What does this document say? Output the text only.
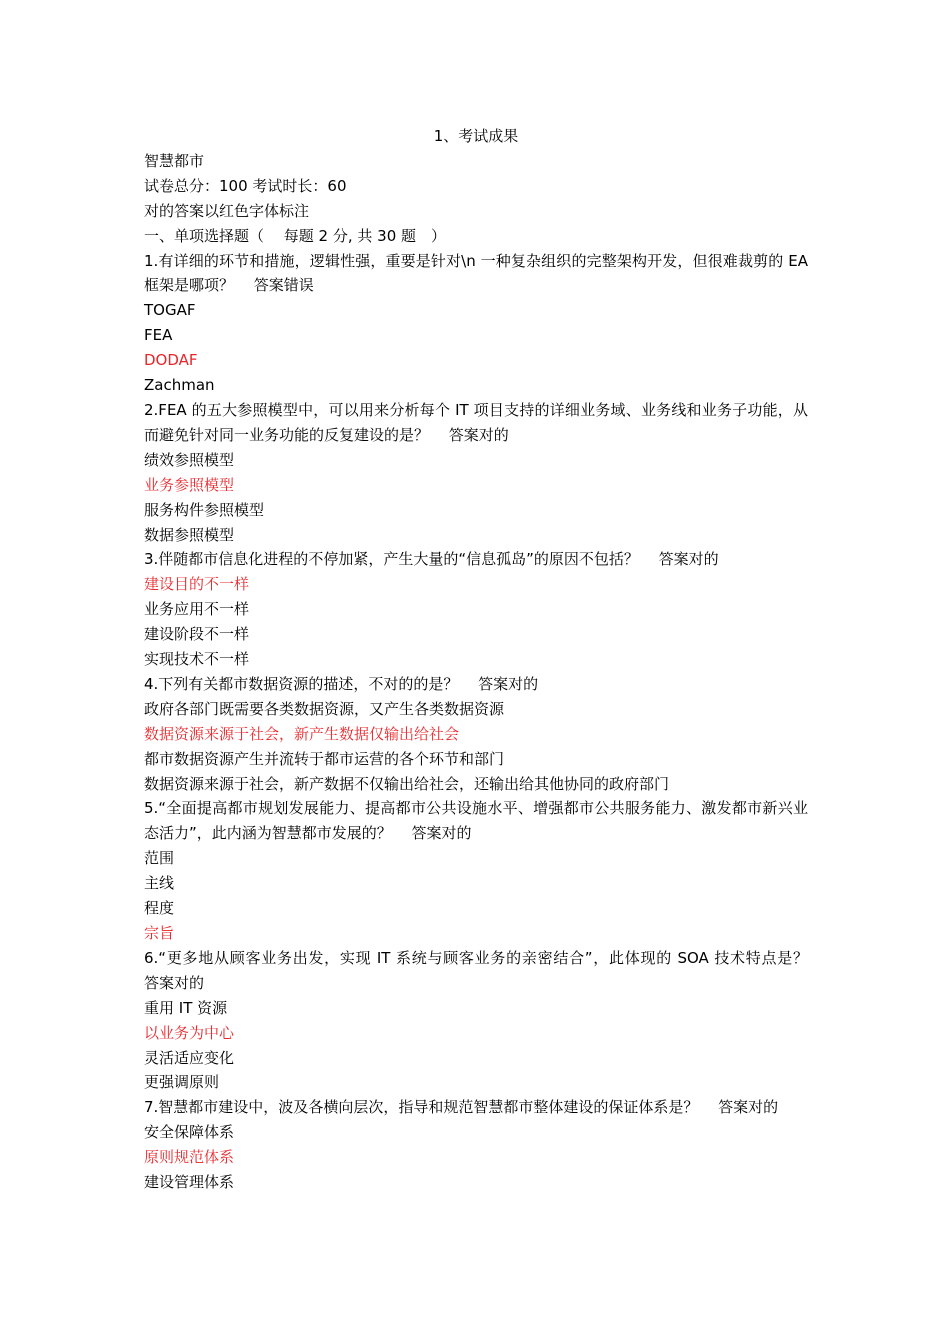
1、考试成果
智慧都市
试卷总分：100 考试时长：60
对的答案以红色字体标注
一、单项选择题（　 每题 2 分, 共 30 题　）
1.有详细的环节和措施，逻辑性强，重要是针对\n 一种复杂组织的完整架构开发，但很难裁剪的 EA 框架是哪项？　 答案错误
TOGAF
FEA
DODAF
Zachman
2.FEA 的五大参照模型中，可以用来分析每个 IT 项目支持的详细业务域、业务线和业务子功能，从而避免针对同一业务功能的反复建设的是？　 答案对的
绩效参照模型
业务参照模型
服务构件参照模型
数据参照模型
3.伴随都市信息化进程的不停加紧，产生大量的“信息孤岛”的原因不包括？　 答案对的
建设目的不一样
业务应用不一样
建设阶段不一样
实现技术不一样
4.下列有关都市数据资源的描述，不对的的是？　 答案对的
政府各部门既需要各类数据资源，又产生各类数据资源
数据资源来源于社会，新产生数据仅输出给社会
都市数据资源产生并流转于都市运营的各个环节和部门
数据资源来源于社会，新产数据不仅输出给社会，还输出给其他协同的政府部门
5.“全面提高都市规划发展能力、提高都市公共设施水平、增强都市公共服务能力、激发都市新兴业态活力”，此内涵为智慧都市发展的？　 答案对的
范围
主线
程度
宗旨
6.“更多地从顾客业务出发，实现 IT 系统与顾客业务的亲密结合”，此体现的 SOA 技术特点是？　 答案对的
重用 IT 资源
以业务为中心
灵活适应变化
更强调原则
7.智慧都市建设中，波及各横向层次，指导和规范智慧都市整体建设的保证体系是？　 答案对的
安全保障体系
原则规范体系
建设管理体系
